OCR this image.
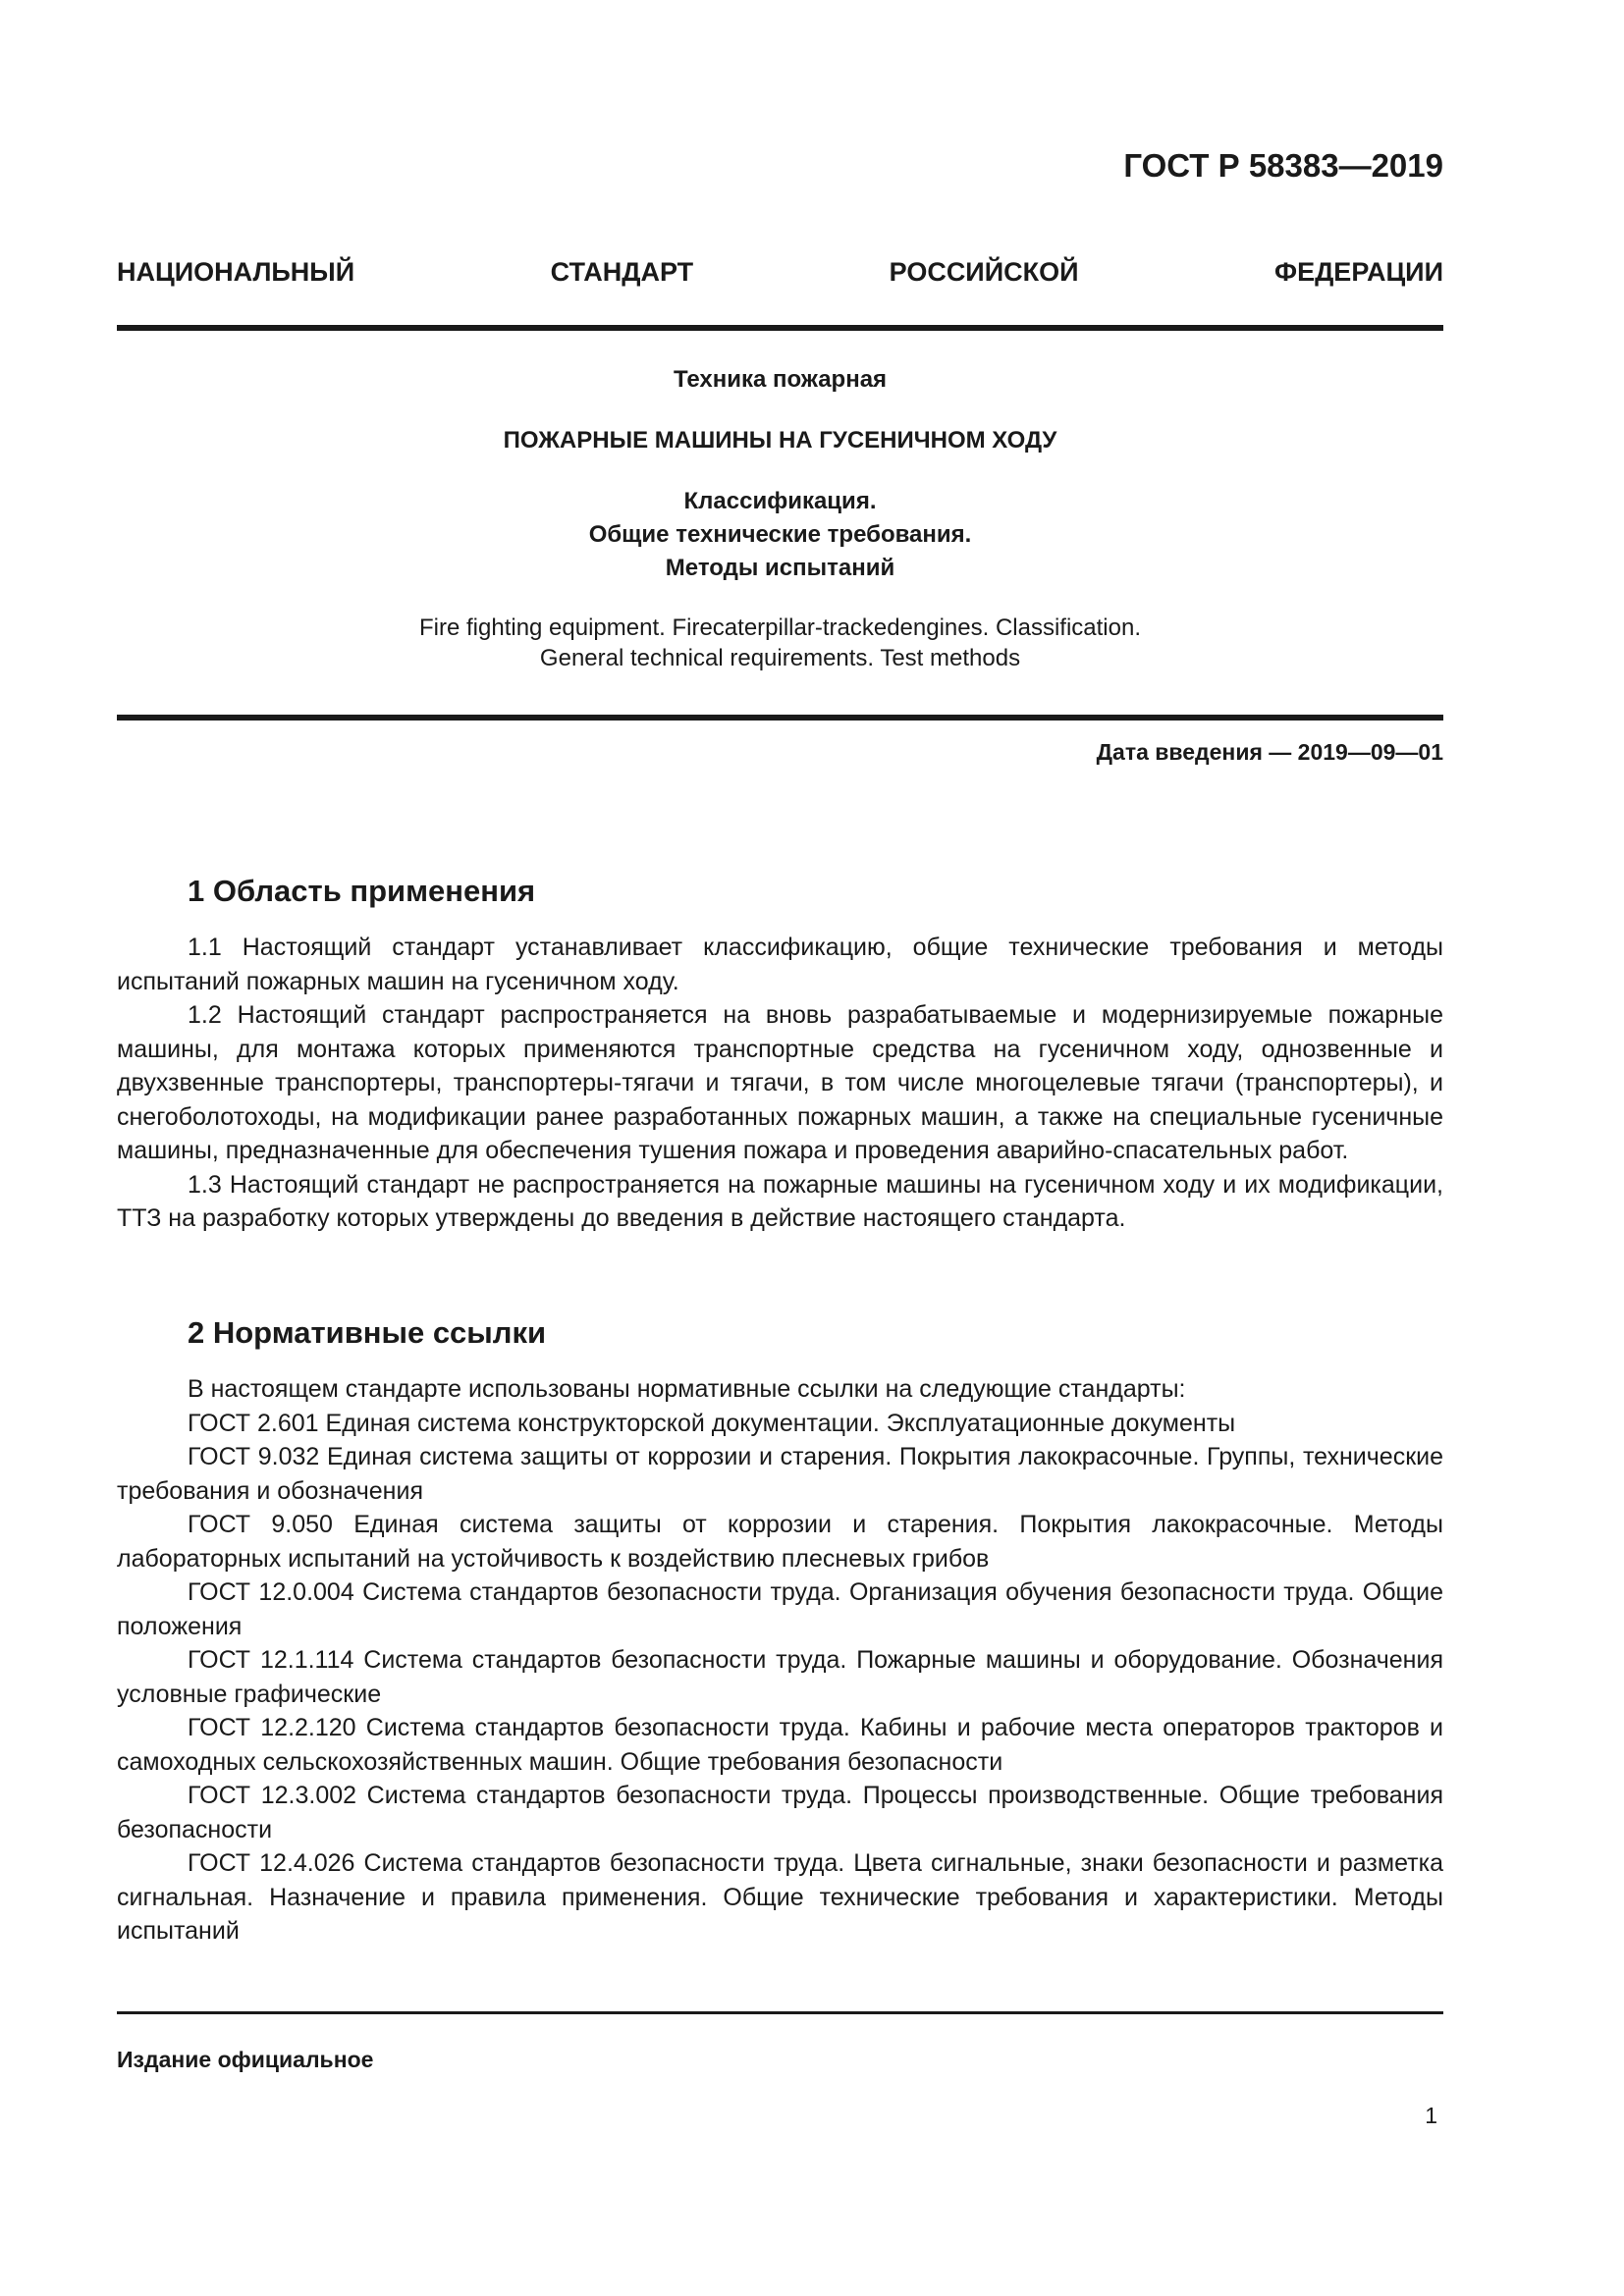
ГОСТ Р 58383—2019
НАЦИОНАЛЬНЫЙ СТАНДАРТ РОССИЙСКОЙ ФЕДЕРАЦИИ
Техника пожарная
ПОЖАРНЫЕ МАШИНЫ НА ГУСЕНИЧНОМ ХОДУ
Классификация.
Общие технические требования.
Методы испытаний
Fire fighting equipment. Firecaterpillar-trackedengines. Classification.
General technical requirements. Test methods
Дата введения — 2019—09—01
1 Область применения

1.1 Настоящий стандарт устанавливает классификацию, общие технические требования и методы испытаний пожарных машин на гусеничном ходу.

1.2 Настоящий стандарт распространяется на вновь разрабатываемые и модернизируемые пожарные машины, для монтажа которых применяются транспортные средства на гусеничном ходу, однозвенные и двухзвенные транспортеры, транспортеры-тягачи и тягачи, в том числе многоцелевые тягачи (транспортеры), и снегоболотоходы, на модификации ранее разработанных пожарных машин, а также на специальные гусеничные машины, предназначенные для обеспечения тушения пожара и проведения аварийно-спасательных работ.

1.3 Настоящий стандарт не распространяется на пожарные машины на гусеничном ходу и их модификации, ТТЗ на разработку которых утверждены до введения в действие настоящего стандарта.

2 Нормативные ссылки

В настоящем стандарте использованы нормативные ссылки на следующие стандарты:

ГОСТ 2.601 Единая система конструкторской документации. Эксплуатационные документы

ГОСТ 9.032 Единая система защиты от коррозии и старения. Покрытия лакокрасочные. Группы, технические требования и обозначения

ГОСТ 9.050 Единая система защиты от коррозии и старения. Покрытия лакокрасочные. Методы лабораторных испытаний на устойчивость к воздействию плесневых грибов

ГОСТ 12.0.004 Система стандартов безопасности труда. Организация обучения безопасности труда. Общие положения

ГОСТ 12.1.114 Система стандартов безопасности труда. Пожарные машины и оборудование. Обозначения условные графические

ГОСТ 12.2.120 Система стандартов безопасности труда. Кабины и рабочие места операторов тракторов и самоходных сельскохозяйственных машин. Общие требования безопасности

ГОСТ 12.3.002 Система стандартов безопасности труда. Процессы производственные. Общие требования безопасности

ГОСТ 12.4.026 Система стандартов безопасности труда. Цвета сигнальные, знаки безопасности и разметка сигнальная. Назначение и правила применения. Общие технические требования и характеристики. Методы испытаний

Издание официальное
1
